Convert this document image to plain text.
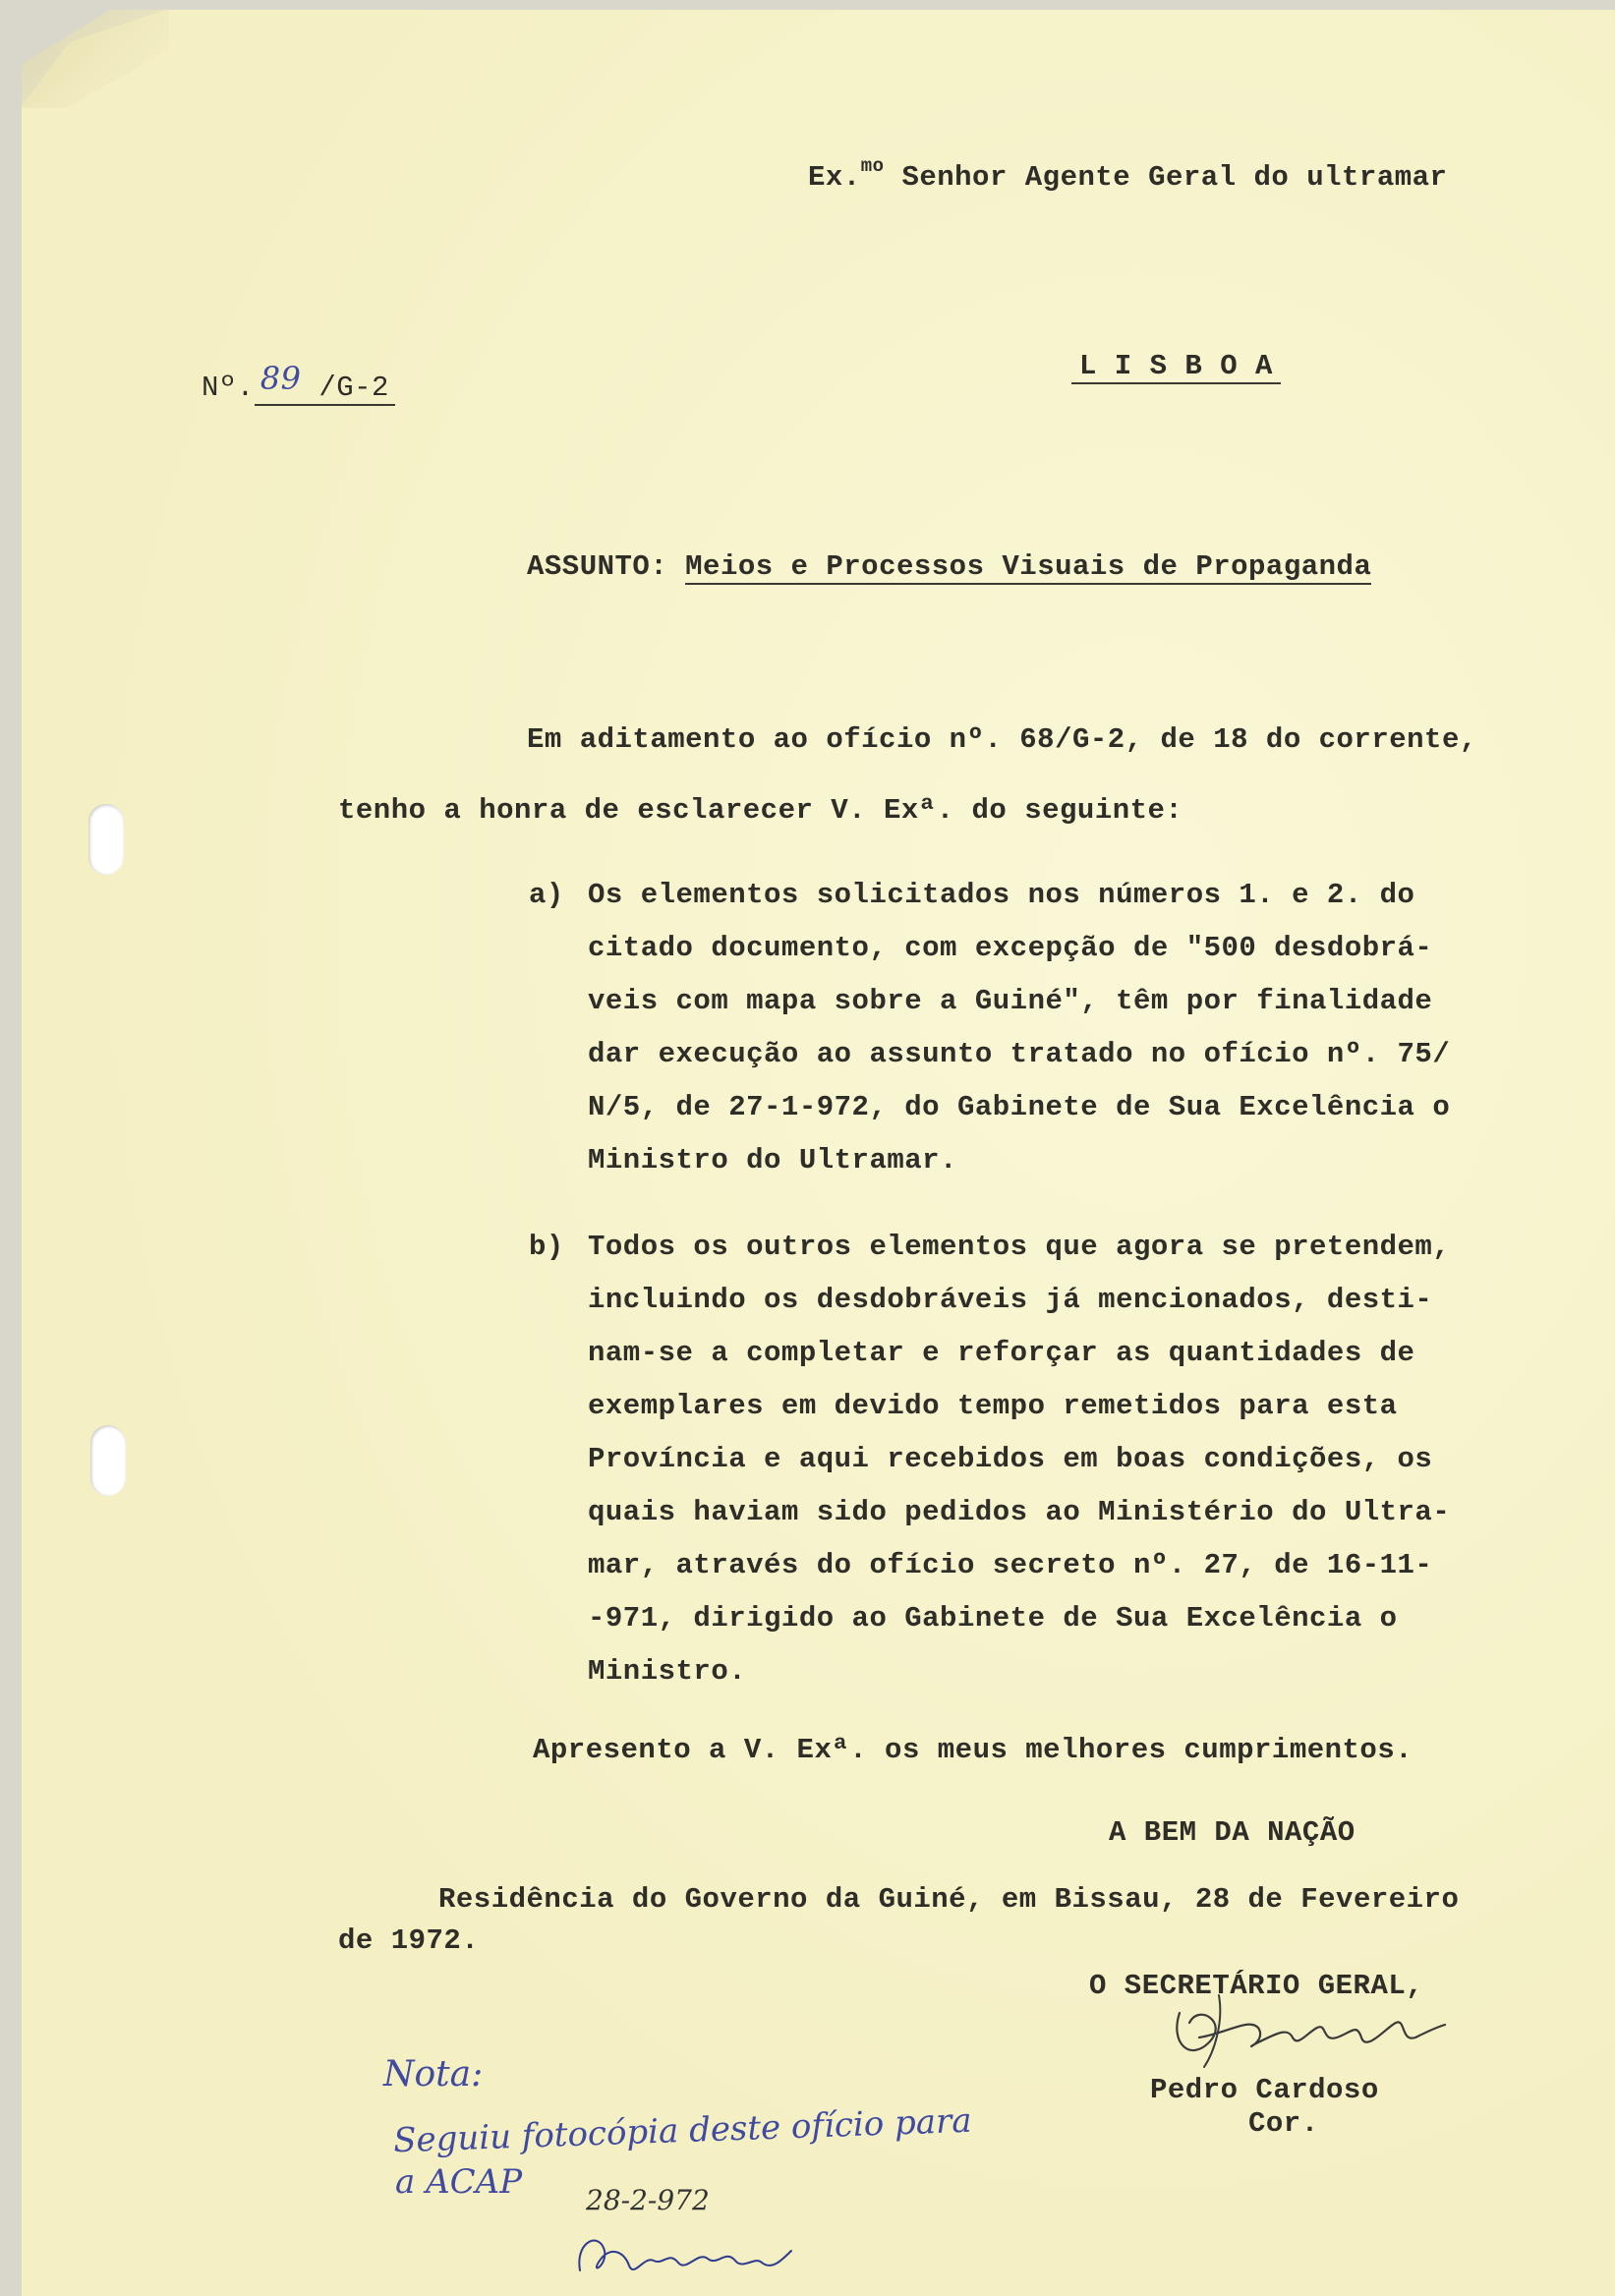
Ex.$^{mo}$ Senhor Agente Geral do ultramar
Nº. 89 /G-2
L I S B O A
ASSUNTO: Meios e Processos Visuais de Propaganda
Em aditamento ao ofício nº. 68/G-2, de 18 do corrente,
tenho a honra de esclarecer V. Exª. do seguinte:
a) Os elementos solicitados nos números 1. e 2. do
citado documento, com excepção de "500 desdobrá-
veis com mapa sobre a Guiné", têm por finalidade
dar execução ao assunto tratado no ofício nº. 75/
N/5, de 27-1-972, do Gabinete de Sua Excelência o
Ministro do Ultramar.
b) Todos os outros elementos que agora se pretendem,
incluindo os desdobráveis já mencionados, desti-
nam-se a completar e reforçar as quantidades de
exemplares em devido tempo remetidos para esta
Província e aqui recebidos em boas condições, os
quais haviam sido pedidos ao Ministério do Ultra-
mar, através do ofício secreto nº. 27, de 16-11-
-971, dirigido ao Gabinete de Sua Excelência o
Ministro.
Apresento a V. Exª. os meus melhores cumprimentos.
A BEM DA NAÇÃO
Residência do Governo da Guiné, em Bissau, 28 de Fevereiro
de 1972.
O SECRETÁRIO GERAL,
Pedro Cardoso
Cor.
Nota:
Seguiu fotocópia deste ofício para
a ACAP 28-2-972
